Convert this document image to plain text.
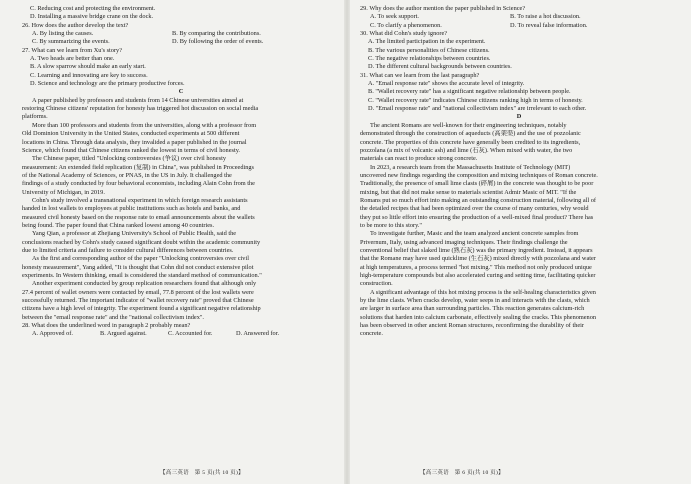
C. Reducing cost and protecting the environment.
D. Installing a massive bridge crane on the dock.
26. How does the author develop the text?
A. By listing the causes.	B. By comparing the contributions.
C. By summarizing the events.	D. By following the order of events.
27. What can we learn from Xu's story?
A. Two heads are better than one.
B. A slow sparrow should make an early start.
C. Learning and innovating are key to success.
D. Science and technology are the primary productive forces.
C
A paper published by professors and students from 14 Chinese universities aimed at
restoring Chinese citizens' reputation for honesty has triggered hot discussion on social media
platforms.
More than 100 professors and students from the universities, along with a professor from
Old Dominion University in the United States, conducted experiments at 500 different
locations in China. Through data analysis, they invalided a paper published in the journal
Science, which found that Chinese citizens ranked the lowest in terms of civil honesty.
The Chinese paper, titled "Unlocking controversies (争议) over civil honesty
measurement: An extended field replication (复制) in China", was published in Proceedings
of the National Academy of Sciences, or PNAS, in the US in July. It challenged the
findings of a study conducted by four behavioral economists, including Alain Cohn from the
University of Michigan, in 2019.
Cohn's study involved a transnational experiment in which foreign research assistants
handed in lost wallets to employees at public institutions such as hotels and banks, and
measured civil honesty based on the response rate to email announcements about the wallets
being found. The paper found that China ranked lowest among 40 countries.
Yang Qian, a professor at Zhejiang University's School of Public Health, said the
conclusions reached by Cohn's study caused significant doubt within the academic community
due to limited criteria and failure to consider cultural differences between countries.
As the first and corresponding author of the paper "Unlocking controversies over civil
honesty measurement", Yang added, "It is thought that Cohn did not conduct extensive pilot
experiments. In Western thinking, email is considered the standard method of communication."
Another experiment conducted by group replication researchers found that although only
27.4 percent of wallet owners were contacted by email, 77.8 percent of the lost wallets were
successfully returned. The important indicator of "wallet recovery rate" proved that Chinese
citizens have a high level of integrity. The experiment found a significant negative relationship
between the "email response rate" and the "national collectivism index".
28. What does the underlined word in paragraph 2 probably mean?
A. Approved of.	B. Argued against.	C. Accounted for.	D. Answered for.
29. Why does the author mention the paper published in Science?
A. To seek support.	B. To raise a hot discussion.
C. To clarify a phenomenon.	D. To reveal false information.
30. What did Cohn's study ignore?
A. The limited participation in the experiment.
B. The various personalities of Chinese citizens.
C. The negative relationships between countries.
D. The different cultural backgrounds between countries.
31. What can we learn from the last paragraph?
A. "Email response rate" shows the accurate level of integrity.
B. "Wallet recovery rate" has a significant negative relationship between people.
C. "Wallet recovery rate" indicates Chinese citizens ranking high in terms of honesty.
D. "Email response rate" and "national collectivism index" are irrelevant to each other.
D
The ancient Romans are well-known for their engineering techniques, notably
demonstrated through the construction of aqueducts (高架渠) and the use of pozzolanic
concrete. The properties of this concrete have generally been credited to its ingredients,
pozzolana (a mix of volcanic ash) and lime (石灰). When mixed with water, the two
materials can react to produce strong concrete.
In 2023, a research team from the Massachusetts Institute of Technology (MIT)
uncovered new findings regarding the composition and mixing techniques of Roman concrete.
Traditionally, the presence of small lime clasts (碎屑) in the concrete was thought to be poor
mixing, but that did not make sense to materials scientist Admir Masic of MIT. "If the
Romans put so much effort into making an outstanding construction material, following all of
the detailed recipes that had been optimized over the course of many centuries, why would
they put so little effort into ensuring the production of a well-mixed final product? There has
to be more to this story."
To investigate further, Masic and the team analyzed ancient concrete samples from
Privernum, Italy, using advanced imaging techniques. Their findings challenge the
conventional belief that slaked lime (熟石灰) was the primary ingredient. Instead, it appears
that the Romane may have used quicklime (生石灰) mixed directly with pozzolana and water
at high temperatures, a process termed "hot mixing." This method not only produced unique
high-temperature compounds but also accelerated curing and setting time, facilitating quicker
construction.
A significant advantage of this hot mixing process is the self-healing characteristics given
by the lime clasts. When cracks develop, water seeps in and interacts with the clasts, which
are larger in surface area than surrounding particles. This reaction generates calcium-rich
solutions that harden into calcium carbonate, effectively sealing the cracks. This phenomenon
has been observed in other ancient Roman structures, reconfirming the durability of their
concrete.
【高三英语　第 5 页(共 10 页)】	【高三英语　第 6 页(共 10 页)】
